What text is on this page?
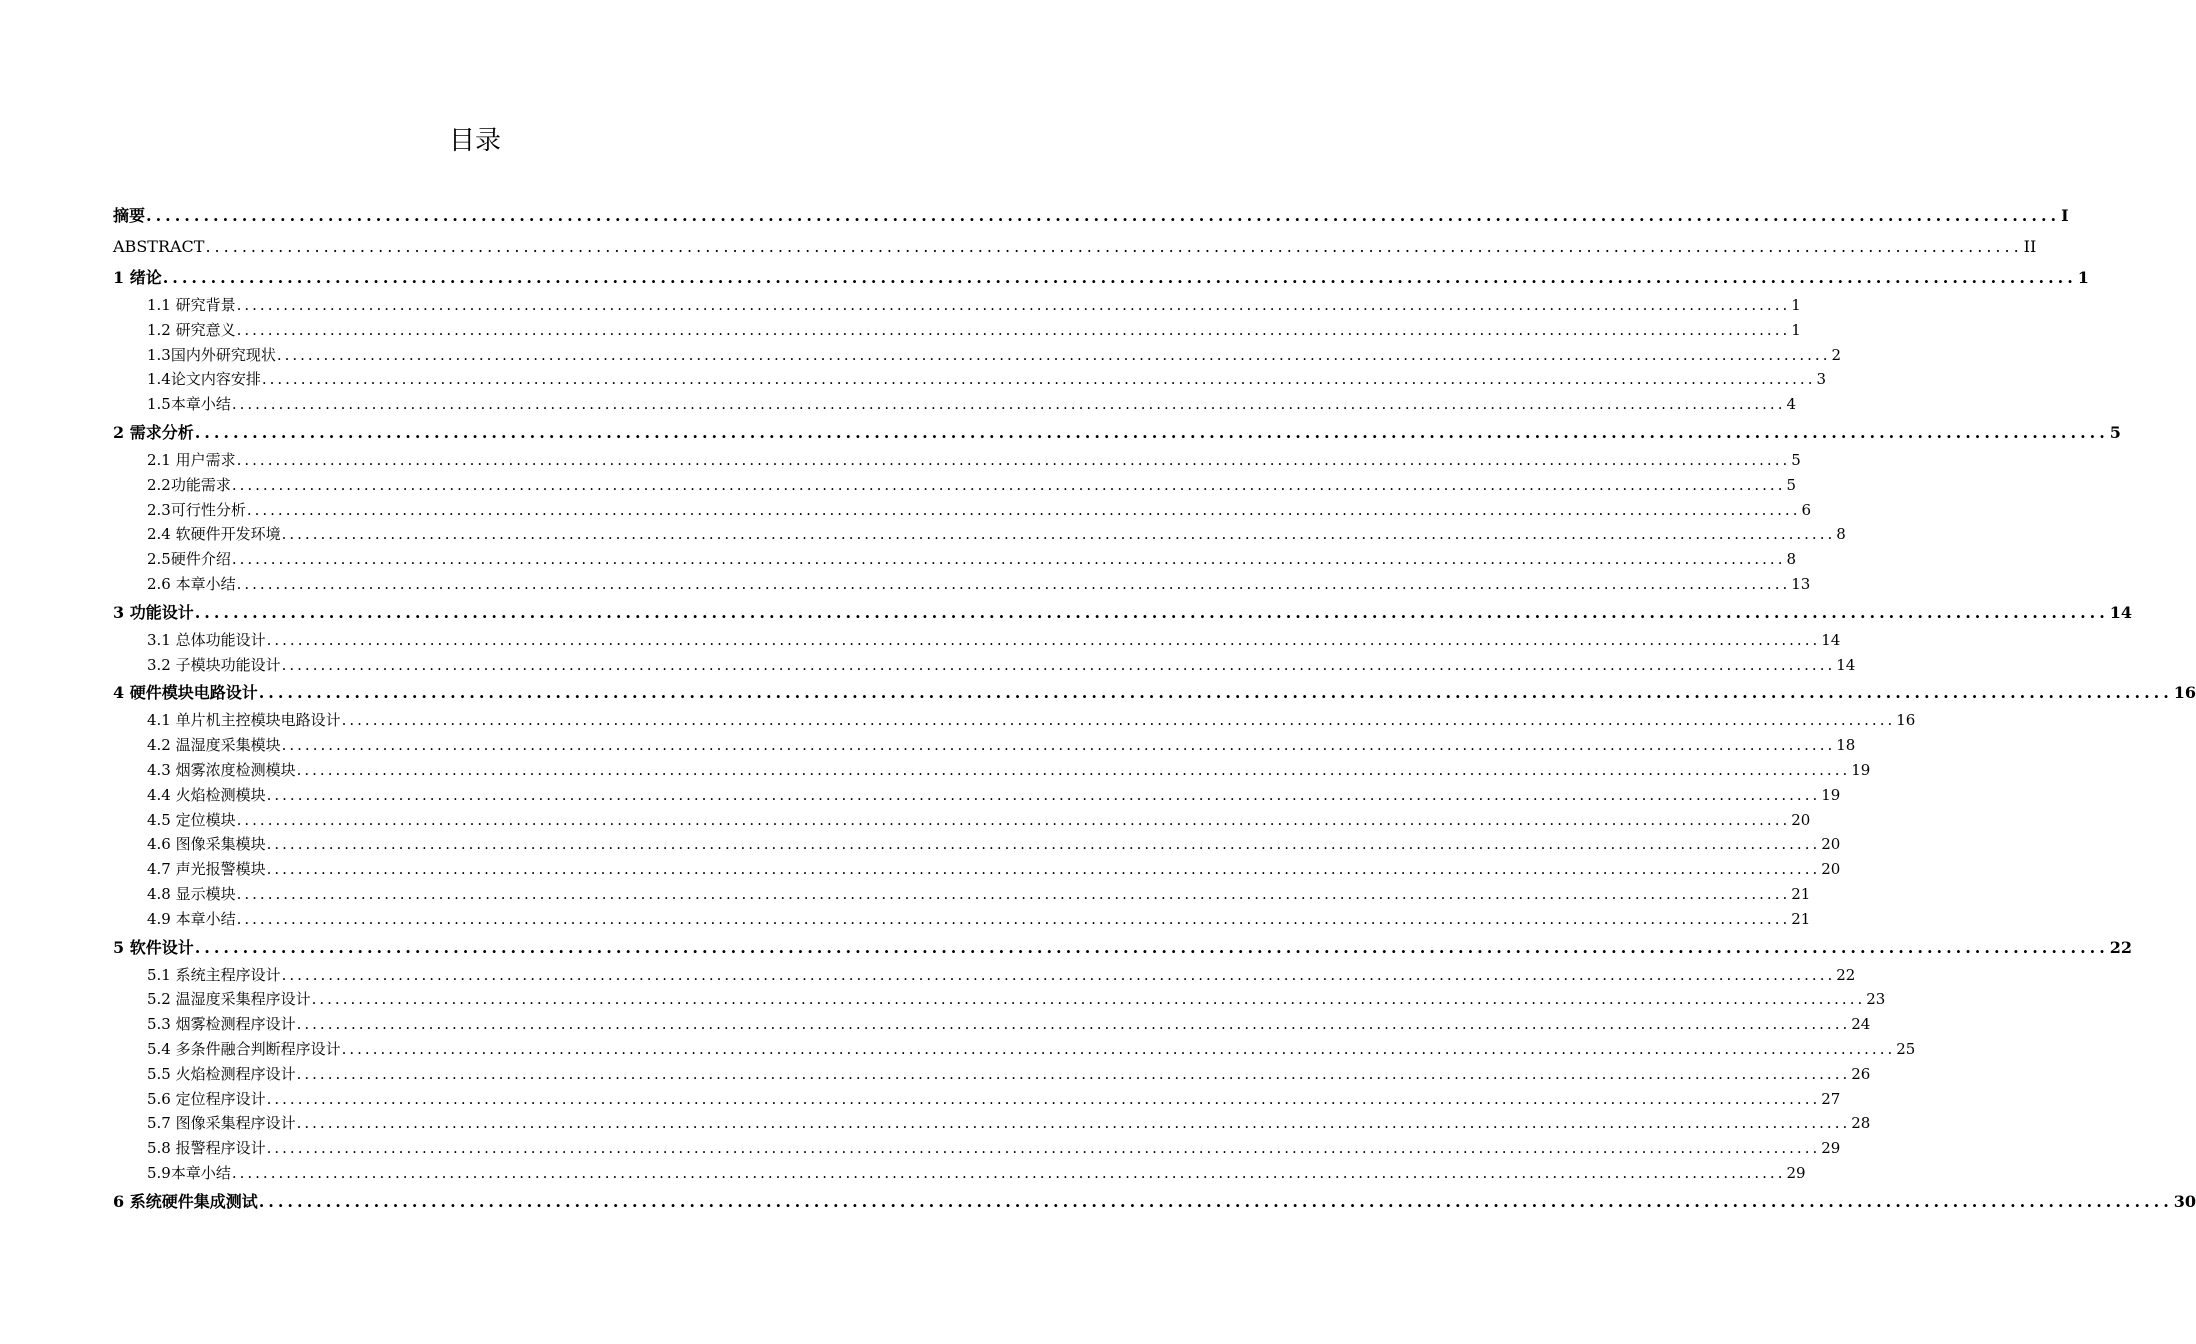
目录
摘要 ........................................................................................................................................................................................................ I
ABSTRACT ........................................................................................................................................................................................................ II
1 绪论 ........................................................................................................................................................................................................ 1
1.1 研究背景 ........................................................................................................................................................................................................ 1
1.2 研究意义 ........................................................................................................................................................................................................ 1
1.3国内外研究现状 ........................................................................................................................................................................................................ 2
1.4论文内容安排 ........................................................................................................................................................................................................ 3
1.5本章小结 ........................................................................................................................................................................................................ 4
2 需求分析 ........................................................................................................................................................................................................ 5
2.1 用户需求 ........................................................................................................................................................................................................ 5
2.2功能需求 ........................................................................................................................................................................................................ 5
2.3可行性分析 ........................................................................................................................................................................................................ 6
2.4 软硬件开发环境 ........................................................................................................................................................................................................ 8
2.5硬件介绍 ........................................................................................................................................................................................................ 8
2.6 本章小结 ........................................................................................................................................................................................................ 13
3 功能设计 ........................................................................................................................................................................................................ 14
3.1 总体功能设计 ........................................................................................................................................................................................................ 14
3.2 子模块功能设计 ........................................................................................................................................................................................................ 14
4 硬件模块电路设计 ........................................................................................................................................................................................................ 16
4.1 单片机主控模块电路设计 ........................................................................................................................................................................................................ 16
4.2 温湿度采集模块 ........................................................................................................................................................................................................ 18
4.3 烟雾浓度检测模块 ........................................................................................................................................................................................................ 19
4.4 火焰检测模块 ........................................................................................................................................................................................................ 19
4.5 定位模块 ........................................................................................................................................................................................................ 20
4.6 图像采集模块 ........................................................................................................................................................................................................ 20
4.7 声光报警模块 ........................................................................................................................................................................................................ 20
4.8 显示模块 ........................................................................................................................................................................................................ 21
4.9 本章小结 ........................................................................................................................................................................................................ 21
5 软件设计 ........................................................................................................................................................................................................ 22
5.1 系统主程序设计 ........................................................................................................................................................................................................ 22
5.2 温湿度采集程序设计 ........................................................................................................................................................................................................ 23
5.3 烟雾检测程序设计 ........................................................................................................................................................................................................ 24
5.4 多条件融合判断程序设计 ........................................................................................................................................................................................................ 25
5.5 火焰检测程序设计 ........................................................................................................................................................................................................ 26
5.6 定位程序设计 ........................................................................................................................................................................................................ 27
5.7 图像采集程序设计 ........................................................................................................................................................................................................ 28
5.8 报警程序设计 ........................................................................................................................................................................................................ 29
5.9本章小结 ........................................................................................................................................................................................................ 29
6 系统硬件集成测试 ........................................................................................................................................................................................................ 30
